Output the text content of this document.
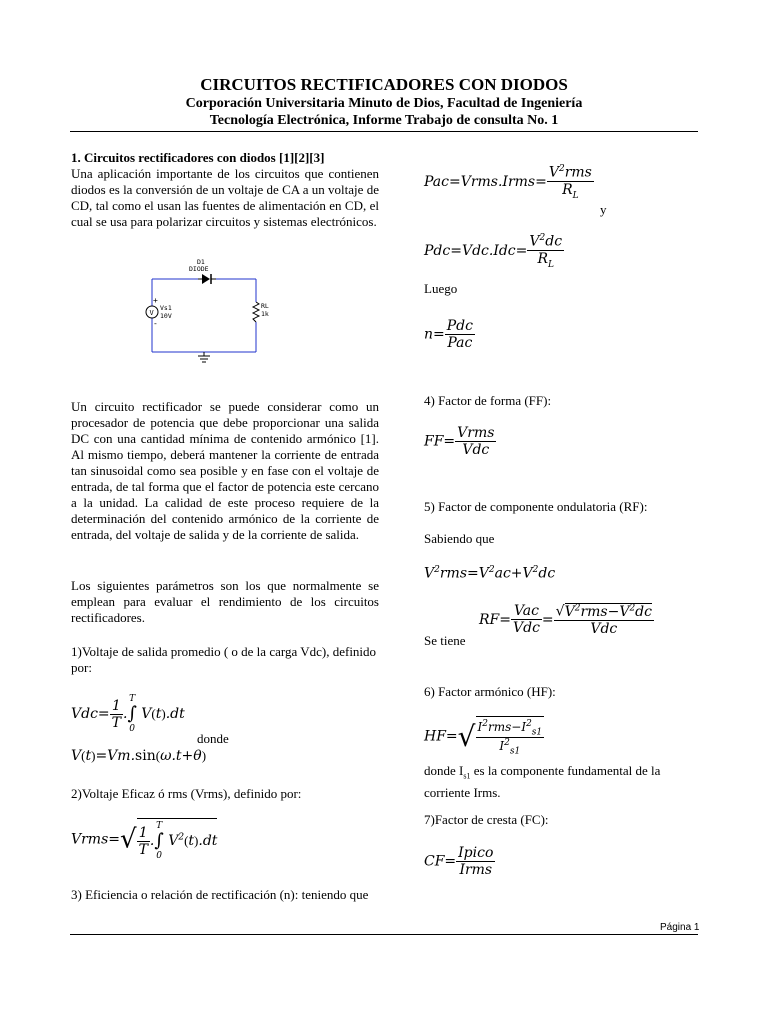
CIRCUITOS RECTIFICADORES CON DIODOS
Corporación Universitaria Minuto de Dios, Facultad de Ingeniería
Tecnología Electrónica, Informe Trabajo de consulta No. 1
1. Circuitos rectificadores con diodos [1][2][3]
Una aplicación importante de los circuitos que contienen diodos es la conversión de un voltaje de CA a un voltaje de CD, tal como el usan las fuentes de alimentación en CD, el cual se usa para polarizar circuitos y sistemas electrónicos.
V
+
-
D1
DIODE
Vs1
10V
RL
1k
Un circuito rectificador se puede considerar como un procesador de potencia que debe proporcionar una salida DC con una cantidad mínima de contenido armónico [1]. Al mismo tiempo, deberá mantener la corriente de entrada tan sinusoidal como sea posible y en fase con el voltaje de entrada, de tal forma que el factor de potencia este cercano a la unidad. La calidad de este proceso requiere de la determinación del contenido armónico de la corriente de entrada, del voltaje de salida y de la corriente de salida.
Los siguientes parámetros son los que normalmente se emplean para evaluar el rendimiento de los circuitos rectificadores.
1)Voltaje de salida promedio ( o de la carga Vdc), definido por:
$Vdc= \frac{1}{T}$ .
T
∫
0
V(t).dt
donde
V(t)=Vm.sin(ω.t+θ)
2)Voltaje Eficaz ó rms (Vrms), definido por:
Vrms=√ $\frac{1}{T}$ .
T
∫
0
$V^2(t).dt$
3) Eficiencia o relación de rectificación (n): teniendo que
Pac=Vrms.Irms= $\frac{V^2rms}{R_L}$
y
$Pdc=Vdc.Idc= \frac{V^2dc}{R_L}$
Luego
$n= \frac{\text{Pdc}}{\text{Pac}}$
4) Factor de forma (FF):
$FF= \frac{\text{Vrms}}{\text{Vdc}}$
5) Factor de componente ondulatoria (RF):
Sabiendo que
$V^2rms=V^2ac+V^2dc$
Se tiene
$RF= \frac{\text{Vac}}{\text{Vdc}} = \frac{√V^2rms-V^2dc}{\text{Vdc}}$
6) Factor armónico (HF):
$HF=√ \frac{I^2rms-I^2_{s1}}{I^2_{s1}}$
donde $I_{s1}$ es la componente fundamental de la corriente Irms.
7)Factor de cresta (FC):
$CF= \frac{\text{Ipico}}{\text{Irms}}$
Página 1
